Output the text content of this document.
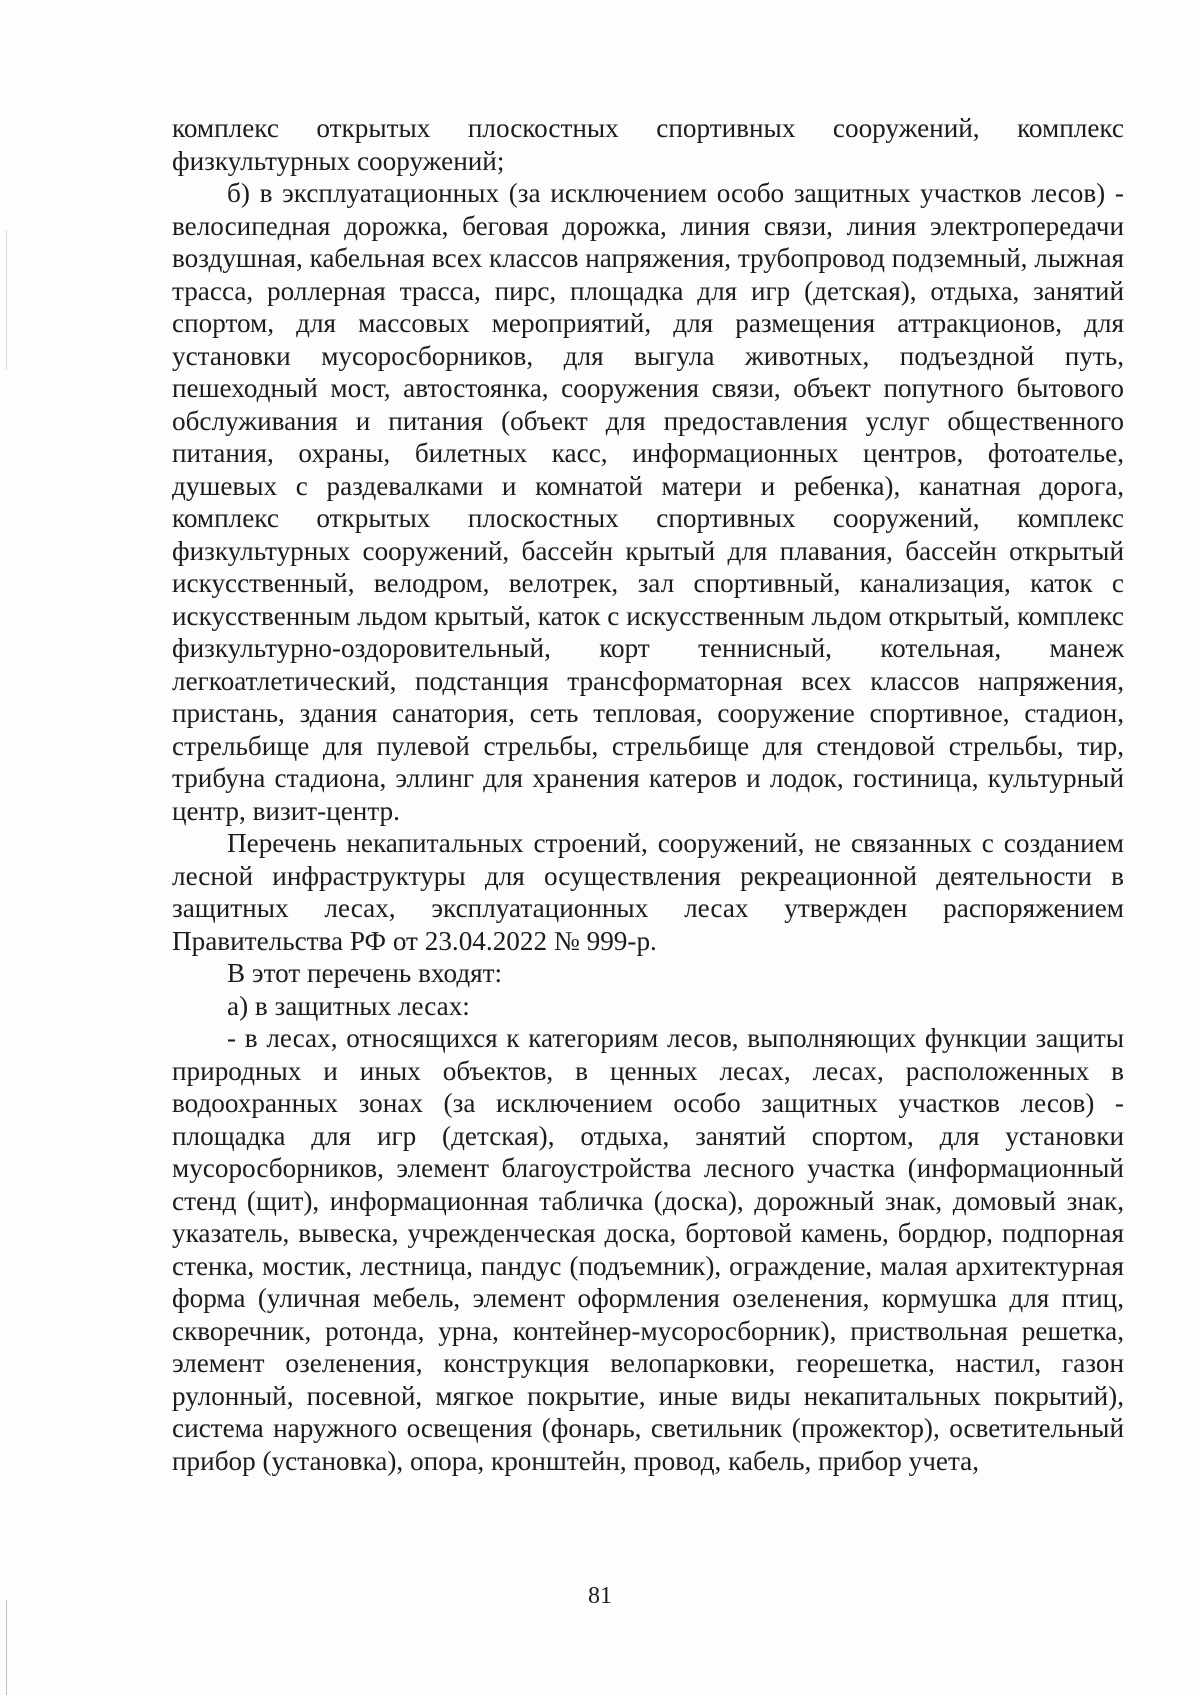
комплекс открытых плоскостных спортивных сооружений, комплекс физкультурных сооружений;

б) в эксплуатационных (за исключением особо защитных участков лесов) - велосипедная дорожка, беговая дорожка, линия связи, линия электропередачи воздушная, кабельная всех классов напряжения, трубопровод подземный, лыжная трасса, роллерная трасса, пирс, площадка для игр (детская), отдыха, занятий спортом, для массовых мероприятий, для размещения аттракционов, для установки мусоросборников, для выгула животных, подъездной путь, пешеходный мост, автостоянка, сооружения связи, объект попутного бытового обслуживания и питания (объект для предоставления услуг общественного питания, охраны, билетных касс, информационных центров, фотоателье, душевых с раздевалками и комнатой матери и ребенка), канатная дорога, комплекс открытых плоскостных спортивных сооружений, комплекс физкультурных сооружений, бассейн крытый для плавания, бассейн открытый искусственный, велодром, велотрек, зал спортивный, канализация, каток с искусственным льдом крытый, каток с искусственным льдом открытый, комплекс физкультурно-оздоровительный, корт теннисный, котельная, манеж легкоатлетический, подстанция трансформаторная всех классов напряжения, пристань, здания санатория, сеть тепловая, сооружение спортивное, стадион, стрельбище для пулевой стрельбы, стрельбище для стендовой стрельбы, тир, трибуна стадиона, эллинг для хранения катеров и лодок, гостиница, культурный центр, визит-центр.

Перечень некапитальных строений, сооружений, не связанных с созданием лесной инфраструктуры для осуществления рекреационной деятельности в защитных лесах, эксплуатационных лесах утвержден распоряжением Правительства РФ от 23.04.2022 № 999-р.

В этот перечень входят:

а) в защитных лесах:

- в лесах, относящихся к категориям лесов, выполняющих функции защиты природных и иных объектов, в ценных лесах, лесах, расположенных в водоохранных зонах (за исключением особо защитных участков лесов) - площадка для игр (детская), отдыха, занятий спортом, для установки мусоросборников, элемент благоустройства лесного участка (информационный стенд (щит), информационная табличка (доска), дорожный знак, домовый знак, указатель, вывеска, учрежденческая доска, бортовой камень, бордюр, подпорная стенка, мостик, лестница, пандус (подъемник), ограждение, малая архитектурная форма (уличная мебель, элемент оформления озеленения, кормушка для птиц, скворечник, ротонда, урна, контейнер-мусоросборник), приствольная решетка, элемент озеленения, конструкция велопарковки, георешетка, настил, газон рулонный, посевной, мягкое покрытие, иные виды некапитальных покрытий), система наружного освещения (фонарь, светильник (прожектор), осветительный прибор (установка), опора, кронштейн, провод, кабель, прибор учета,

81
